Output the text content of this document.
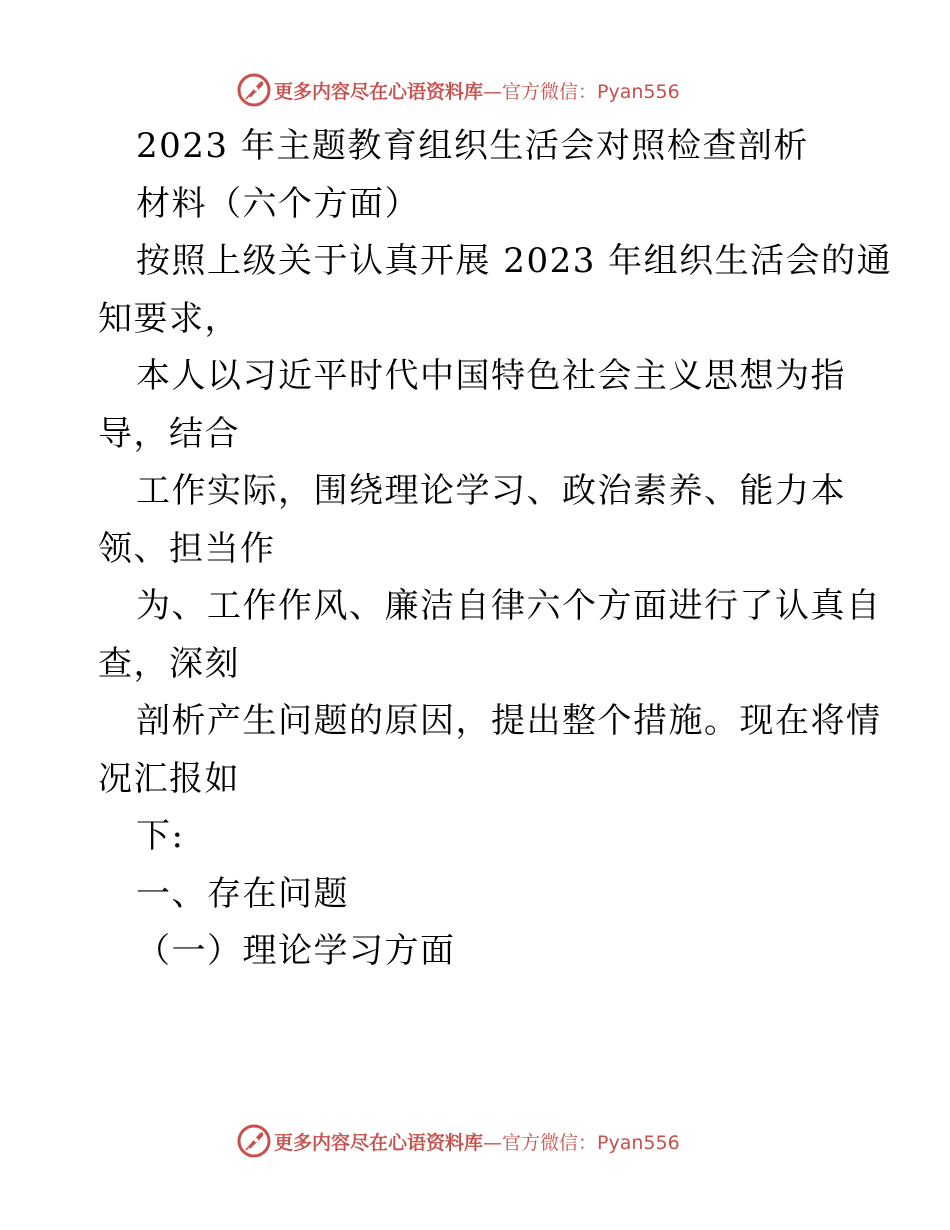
更多内容尽在心语资料库 —官方微信：Pyan556
2023 年主题教育组织生活会对照检查剖析
材料（六个方面）
按照上级关于认真开展 2023 年组织生活会的通
知要求，
本人以习近平时代中国特色社会主义思想为指
导，结合
工作实际，围绕理论学习、政治素养、能力本
领、担当作
为、工作作风、廉洁自律六个方面进行了认真自
查，深刻
剖析产生问题的原因，提出整个措施。现在将情
况汇报如
下:
一、存在问题
（一）理论学习方面
更多内容尽在心语资料库 —官方微信：Pyan556
